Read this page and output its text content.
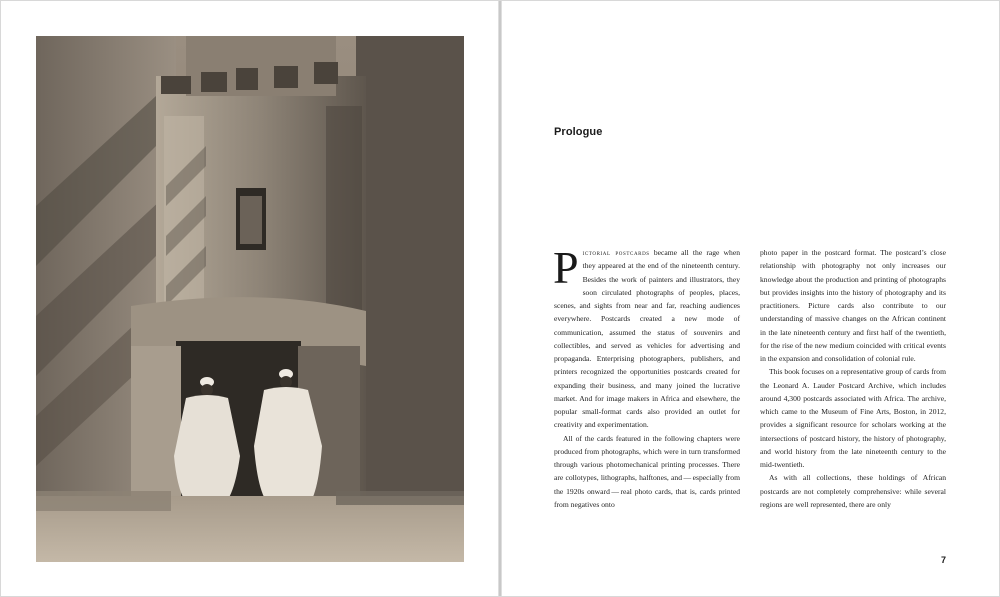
Prologue

Pictorial postcards became all the rage when they appeared at the end of the nineteenth century. Besides the work of painters and illustrators, they soon circulated photographs of peoples, places, scenes, and sights from near and far, reaching audiences everywhere. Postcards created a new mode of communication, assumed the status of souvenirs and collectibles, and served as vehicles for advertising and propaganda. Enterprising photographers, publishers, and printers recognized the opportunities postcards created for expanding their business, and many joined the lucrative market. And for image makers in Africa and elsewhere, the popular small-format cards also provided an outlet for creativity and experimentation.

All of the cards featured in the following chapters were produced from photographs, which were in turn transformed through various photomechanical printing processes. There are collotypes, lithographs, halftones, and — especially from the 1920s onward — real photo cards, that is, cards printed from negatives onto

photo paper in the postcard format. The postcard’s close relationship with photography not only increases our knowledge about the production and printing of photographs but provides insights into the history of photography and its practitioners. Picture cards also contribute to our understanding of massive changes on the African continent in the late nineteenth century and first half of the twentieth, for the rise of the new medium coincided with critical events in the expansion and consolidation of colonial rule.

This book focuses on a representative group of cards from the Leonard A. Lauder Postcard Archive, which includes around 4,300 postcards associated with Africa. The archive, which came to the Museum of Fine Arts, Boston, in 2012, provides a significant resource for scholars working at the intersections of postcard history, the history of photography, and world history from the late nineteenth century to the mid-twentieth.

As with all collections, these holdings of African postcards are not completely comprehensive: while several regions are well represented, there are only

7
